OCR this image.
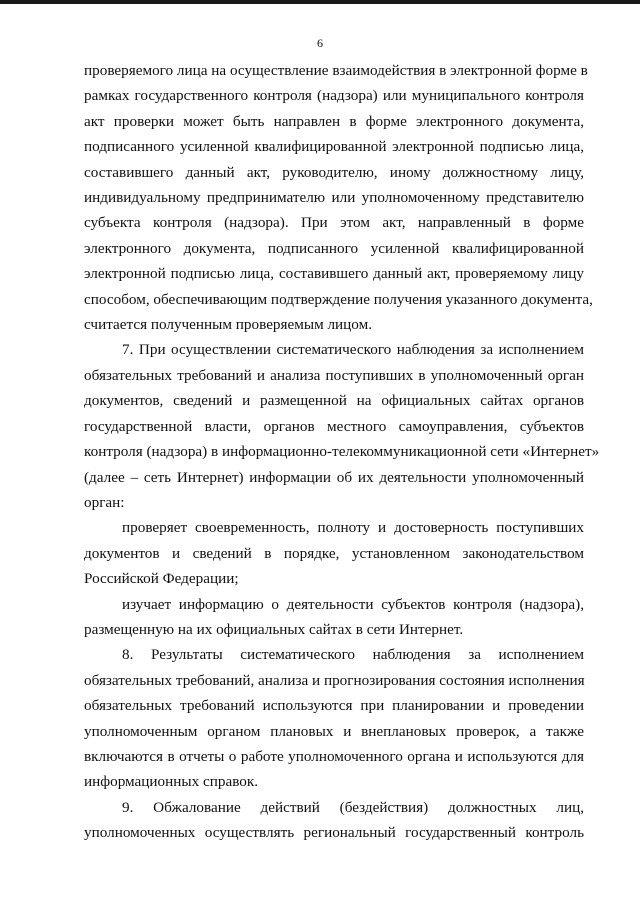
6
проверяемого лица на осуществление взаимодействия в электронной форме в
рамках государственного контроля (надзора) или муниципального контроля
акт проверки может быть направлен в форме электронного документа,
подписанного усиленной квалифицированной электронной подписью лица,
составившего данный акт, руководителю, иному должностному лицу,
индивидуальному предпринимателю или уполномоченному представителю
субъекта контроля (надзора). При этом акт, направленный в форме
электронного документа, подписанного усиленной квалифицированной
электронной подписью лица, составившего данный акт, проверяемому лицу
способом, обеспечивающим подтверждение получения указанного документа,
считается полученным проверяемым лицом.
7. При осуществлении систематического наблюдения за исполнением
обязательных требований и анализа поступивших в уполномоченный орган
документов, сведений и размещенной на официальных сайтах органов
государственной власти, органов местного самоуправления, субъектов
контроля (надзора) в информационно-телекоммуникационной сети «Интернет»
(далее – сеть Интернет) информации об их деятельности уполномоченный
орган:
проверяет своевременность, полноту и достоверность поступивших
документов и сведений в порядке, установленном законодательством
Российской Федерации;
изучает информацию о деятельности субъектов контроля (надзора),
размещенную на их официальных сайтах в сети Интернет.
8. Результаты систематического наблюдения за исполнением
обязательных требований, анализа и прогнозирования состояния исполнения
обязательных требований используются при планировании и проведении
уполномоченным органом плановых и внеплановых проверок, а также
включаются в отчеты о работе уполномоченного органа и используются для
информационных справок.
9. Обжалование действий (бездействия) должностных лиц,
уполномоченных осуществлять региональный государственный контроль
